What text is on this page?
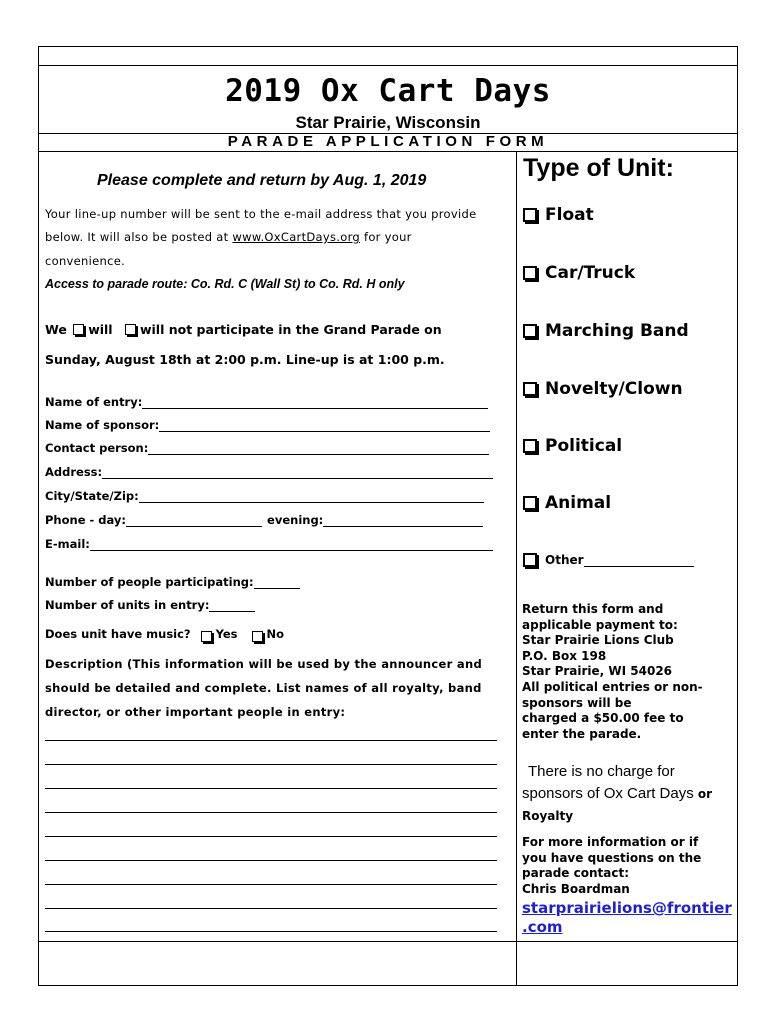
2019 Ox Cart Days
Star Prairie, Wisconsin
PARADE APPLICATION FORM
Please complete and return by Aug. 1, 2019
Your line-up number will be sent to the e-mail address that you provide
below. It will also be posted at www.OxCartDays.org for your
convenience.
Access to parade route: Co. Rd. C (Wall St) to Co. Rd. H only
We will will not participate in the Grand Parade on
Sunday, August 18th at 2:00 p.m. Line-up is at 1:00 p.m.
Name of entry:
Name of sponsor:
Contact person:
Address:
City/State/Zip:
Phone - day:	evening:
E-mail:
Number of people participating:
Number of units in entry:
Does unit have music? Yes	No
Description (This information will be used by the announcer and
should be detailed and complete. List names of all royalty, band
director, or other important people in entry:
Type of Unit:
Float
Car/Truck
Marching Band
Novelty/Clown
Political
Animal
Other
Return this form and
applicable payment to:
Star Prairie Lions Club
P.O. Box 198
Star Prairie, WI 54026
All political entries or non-
sponsors will be
charged a $50.00 fee to
enter the parade.
There is no charge for
sponsors of Ox Cart Days or
Royalty
For more information or if
you have questions on the
parade contact:
Chris Boardman
starprairielions@frontier
.com
